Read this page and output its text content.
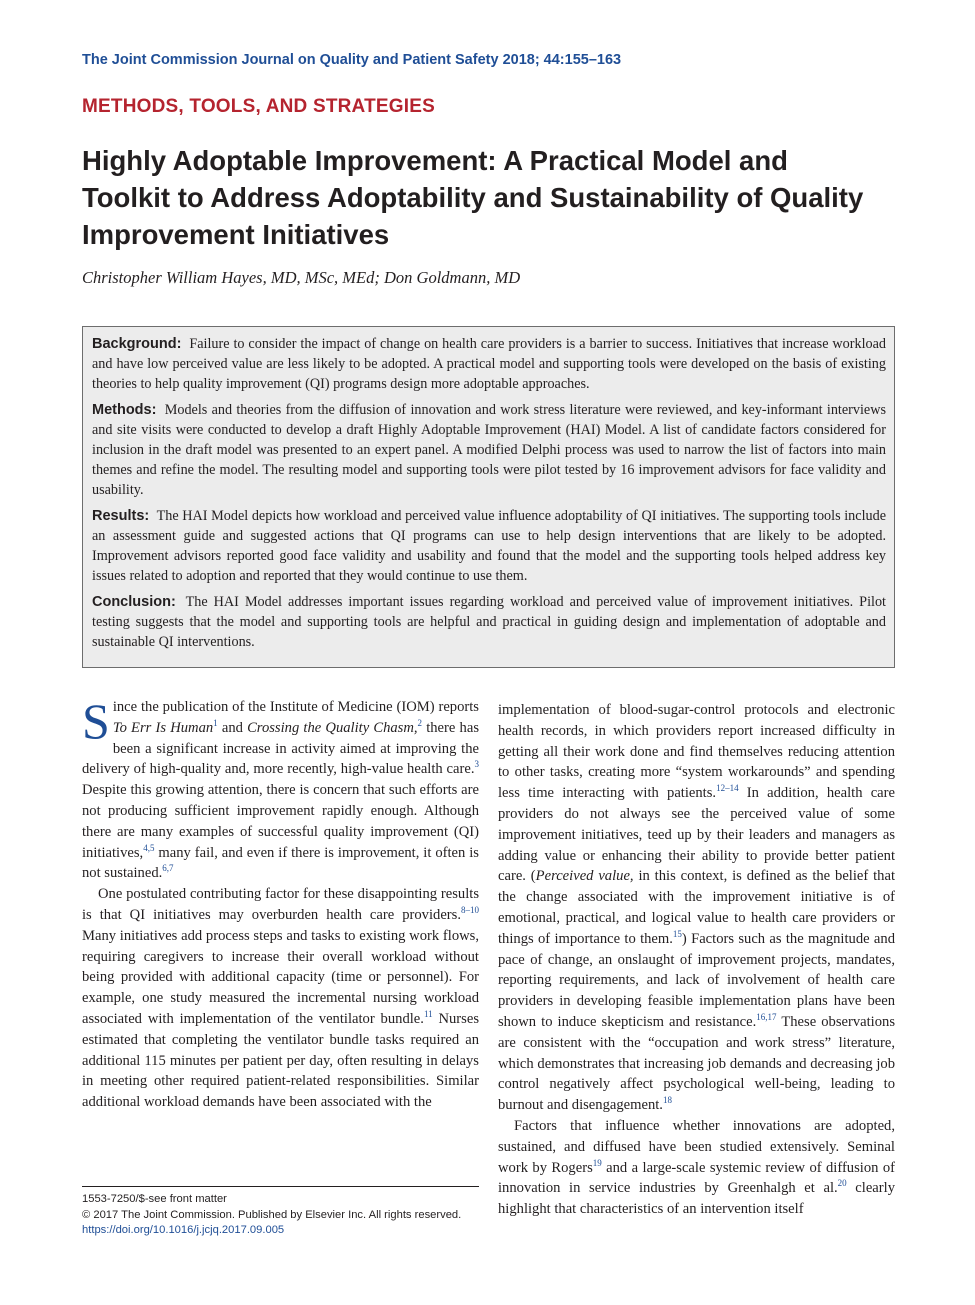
The Joint Commission Journal on Quality and Patient Safety 2018; 44:155–163
METHODS, TOOLS, AND STRATEGIES
Highly Adoptable Improvement: A Practical Model and Toolkit to Address Adoptability and Sustainability of Quality Improvement Initiatives
Christopher William Hayes, MD, MSc, MEd; Don Goldmann, MD

Background: Failure to consider the impact of change on health care providers is a barrier to success. Initiatives that increase workload and have low perceived value are less likely to be adopted. A practical model and supporting tools were developed on the basis of existing theories to help quality improvement (QI) programs design more adoptable approaches.

Methods: Models and theories from the diffusion of innovation and work stress literature were reviewed, and key-informant interviews and site visits were conducted to develop a draft Highly Adoptable Improvement (HAI) Model. A list of candidate factors considered for inclusion in the draft model was presented to an expert panel. A modified Delphi process was used to narrow the list of factors into main themes and refine the model. The resulting model and supporting tools were pilot tested by 16 improvement advisors for face validity and usability.

Results: The HAI Model depicts how workload and perceived value influence adoptability of QI initiatives. The supporting tools include an assessment guide and suggested actions that QI programs can use to help design interventions that are likely to be adopted. Improvement advisors reported good face validity and usability and found that the model and the supporting tools helped address key issues related to adoption and reported that they would continue to use them.

Conclusion: The HAI Model addresses important issues regarding workload and perceived value of improvement initiatives. Pilot testing suggests that the model and supporting tools are helpful and practical in guiding design and implementation of adoptable and sustainable QI interventions.

Since the publication of the Institute of Medicine (IOM) reports To Err Is Human$^1$ and Crossing the Quality Chasm,$^2$ there has been a significant increase in activity aimed at improving the delivery of high-quality and, more recently, high-value health care.$^3$ Despite this growing attention, there is concern that such efforts are not producing sufficient improvement rapidly enough. Although there are many examples of successful quality improvement (QI) initiatives,$^{4,5}$ many fail, and even if there is improvement, it often is not sustained.$^{6,7}$

One postulated contributing factor for these disappointing results is that QI initiatives may overburden health care providers.$^{8-10}$ Many initiatives add process steps and tasks to existing work flows, requiring caregivers to increase their overall workload without being provided with additional capacity (time or personnel). For example, one study measured the incremental nursing workload associated with implementation of the ventilator bundle.$^{11}$ Nurses estimated that completing the ventilator bundle tasks required an additional 115 minutes per patient per day, often resulting in delays in meeting other required patient-related responsibilities. Similar additional workload demands have been associated with the

implementation of blood-sugar-control protocols and electronic health records, in which providers report increased difficulty in getting all their work done and find themselves reducing attention to other tasks, creating more “system workarounds” and spending less time interacting with patients.$^{12-14}$ In addition, health care providers do not always see the perceived value of some improvement initiatives, teed up by their leaders and managers as adding value or enhancing their ability to provide better patient care. (Perceived value, in this context, is defined as the belief that the change associated with the improvement initiative is of emotional, practical, and logical value to health care providers or things of importance to them.$^{15}$) Factors such as the magnitude and pace of change, an onslaught of improvement projects, mandates, reporting requirements, and lack of involvement of health care providers in developing feasible implementation plans have been shown to induce skepticism and resistance.$^{16,17}$ These observations are consistent with the “occupation and work stress” literature, which demonstrates that increasing job demands and decreasing job control negatively affect psychological well-being, leading to burnout and disengagement.$^{18}$

Factors that influence whether innovations are adopted, sustained, and diffused have been studied extensively. Seminal work by Rogers$^{19}$ and a large-scale systemic review of diffusion of innovation in service industries by Greenhalgh et al.$^{20}$ clearly highlight that characteristics of an intervention itself

1553-7250/$-see front matter
© 2017 The Joint Commission. Published by Elsevier Inc. All rights reserved.
https://doi.org/10.1016/j.jcjq.2017.09.005
